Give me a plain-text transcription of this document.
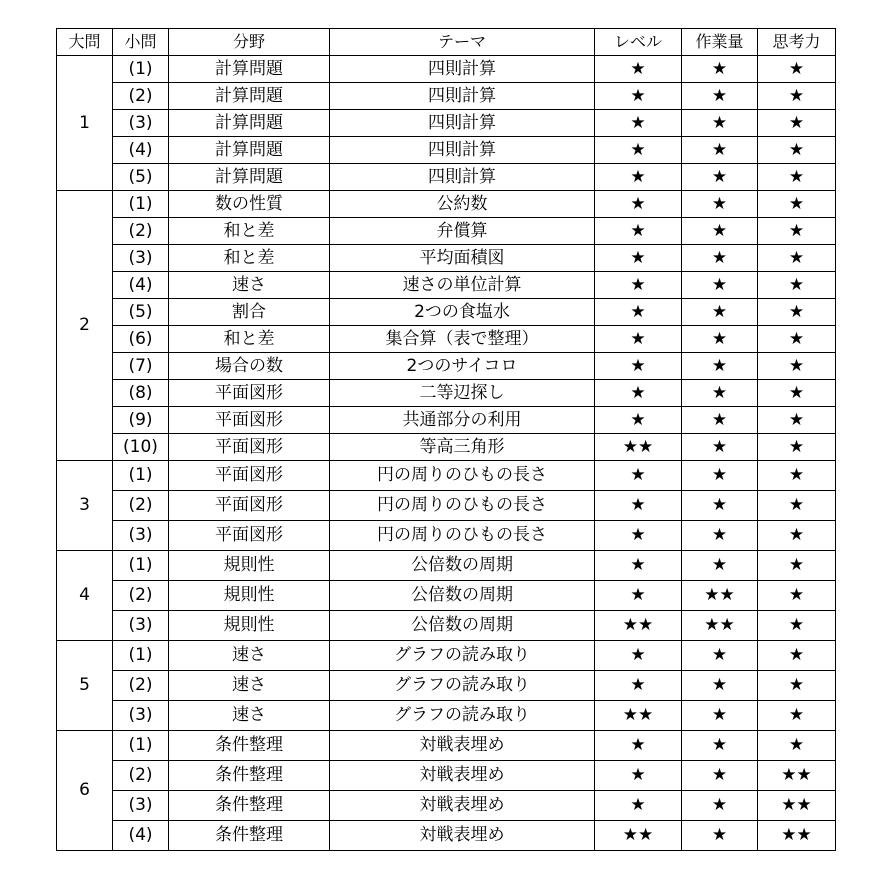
大問	小問	分野	テーマ	レベル	作業量	思考力
1	(1)	計算問題	四則計算	★	★	★
	(2)	計算問題	四則計算	★	★	★
	(3)	計算問題	四則計算	★	★	★
	(4)	計算問題	四則計算	★	★	★
	(5)	計算問題	四則計算	★	★	★
2	(1)	数の性質	公約数	★	★	★
	(2)	和と差	弁償算	★	★	★
	(3)	和と差	平均面積図	★	★	★
	(4)	速さ	速さの単位計算	★	★	★
	(5)	割合	2つの食塩水	★	★	★
	(6)	和と差	集合算（表で整理）	★	★	★
	(7)	場合の数	2つのサイコロ	★	★	★
	(8)	平面図形	二等辺探し	★	★	★
	(9)	平面図形	共通部分の利用	★	★	★
	(10)	平面図形	等高三角形	★★	★	★
3	(1)	平面図形	円の周りのひもの長さ	★	★	★
	(2)	平面図形	円の周りのひもの長さ	★	★	★
	(3)	平面図形	円の周りのひもの長さ	★	★	★
4	(1)	規則性	公倍数の周期	★	★	★
	(2)	規則性	公倍数の周期	★	★★	★
	(3)	規則性	公倍数の周期	★★	★★	★
5	(1)	速さ	グラフの読み取り	★	★	★
	(2)	速さ	グラフの読み取り	★	★	★
	(3)	速さ	グラフの読み取り	★★	★	★
6	(1)	条件整理	対戦表埋め	★	★	★
	(2)	条件整理	対戦表埋め	★	★	★★
	(3)	条件整理	対戦表埋め	★	★	★★
	(4)	条件整理	対戦表埋め	★★	★	★★
